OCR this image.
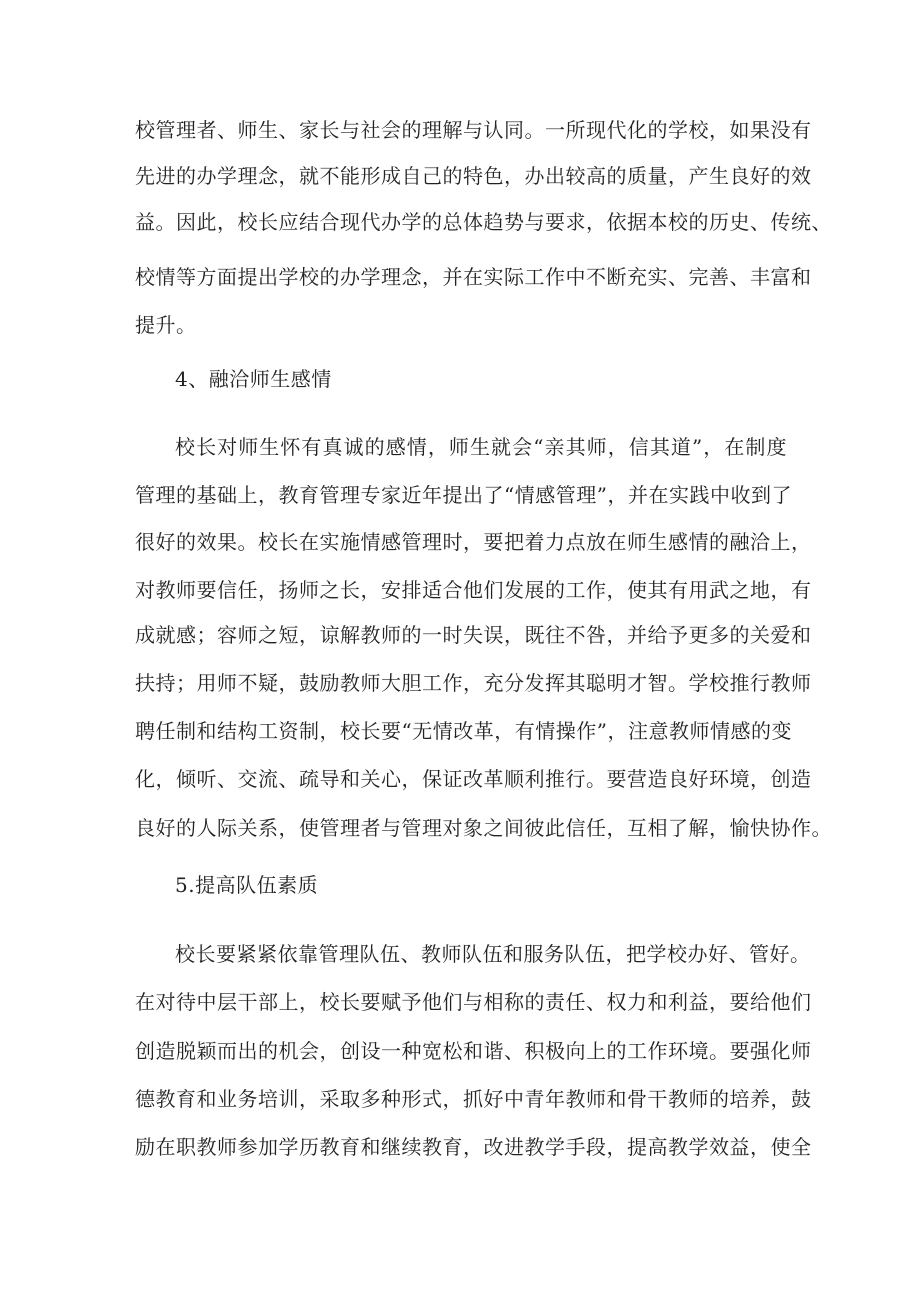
校管理者、师生、家长与社会的理解与认同。一所现代化的学校，如果没有
先进的办学理念，就不能形成自己的特色，办出较高的质量，产生良好的效
益。因此，校长应结合现代办学的总体趋势与要求，依据本校的历史、传统、
校情等方面提出学校的办学理念，并在实际工作中不断充实、完善、丰富和
提升。
4、融洽师生感情
校长对师生怀有真诚的感情，师生就会“亲其师，信其道”，在制度
管理的基础上，教育管理专家近年提出了“情感管理”，并在实践中收到了
很好的效果。校长在实施情感管理时，要把着力点放在师生感情的融洽上，
对教师要信任，扬师之长，安排适合他们发展的工作，使其有用武之地，有
成就感；容师之短，谅解教师的一时失误，既往不咎，并给予更多的关爱和
扶持；用师不疑，鼓励教师大胆工作，充分发挥其聪明才智。学校推行教师
聘任制和结构工资制，校长要“无情改革，有情操作”，注意教师情感的变
化，倾听、交流、疏导和关心，保证改革顺利推行。要营造良好环境，创造
良好的人际关系，使管理者与管理对象之间彼此信任，互相了解，愉快协作。
5.提高队伍素质
校长要紧紧依靠管理队伍、教师队伍和服务队伍，把学校办好、管好。
在对待中层干部上，校长要赋予他们与相称的责任、权力和利益，要给他们
创造脱颖而出的机会，创设一种宽松和谐、积极向上的工作环境。要强化师
德教育和业务培训，采取多种形式，抓好中青年教师和骨干教师的培养，鼓
励在职教师参加学历教育和继续教育，改进教学手段，提高教学效益，使全
